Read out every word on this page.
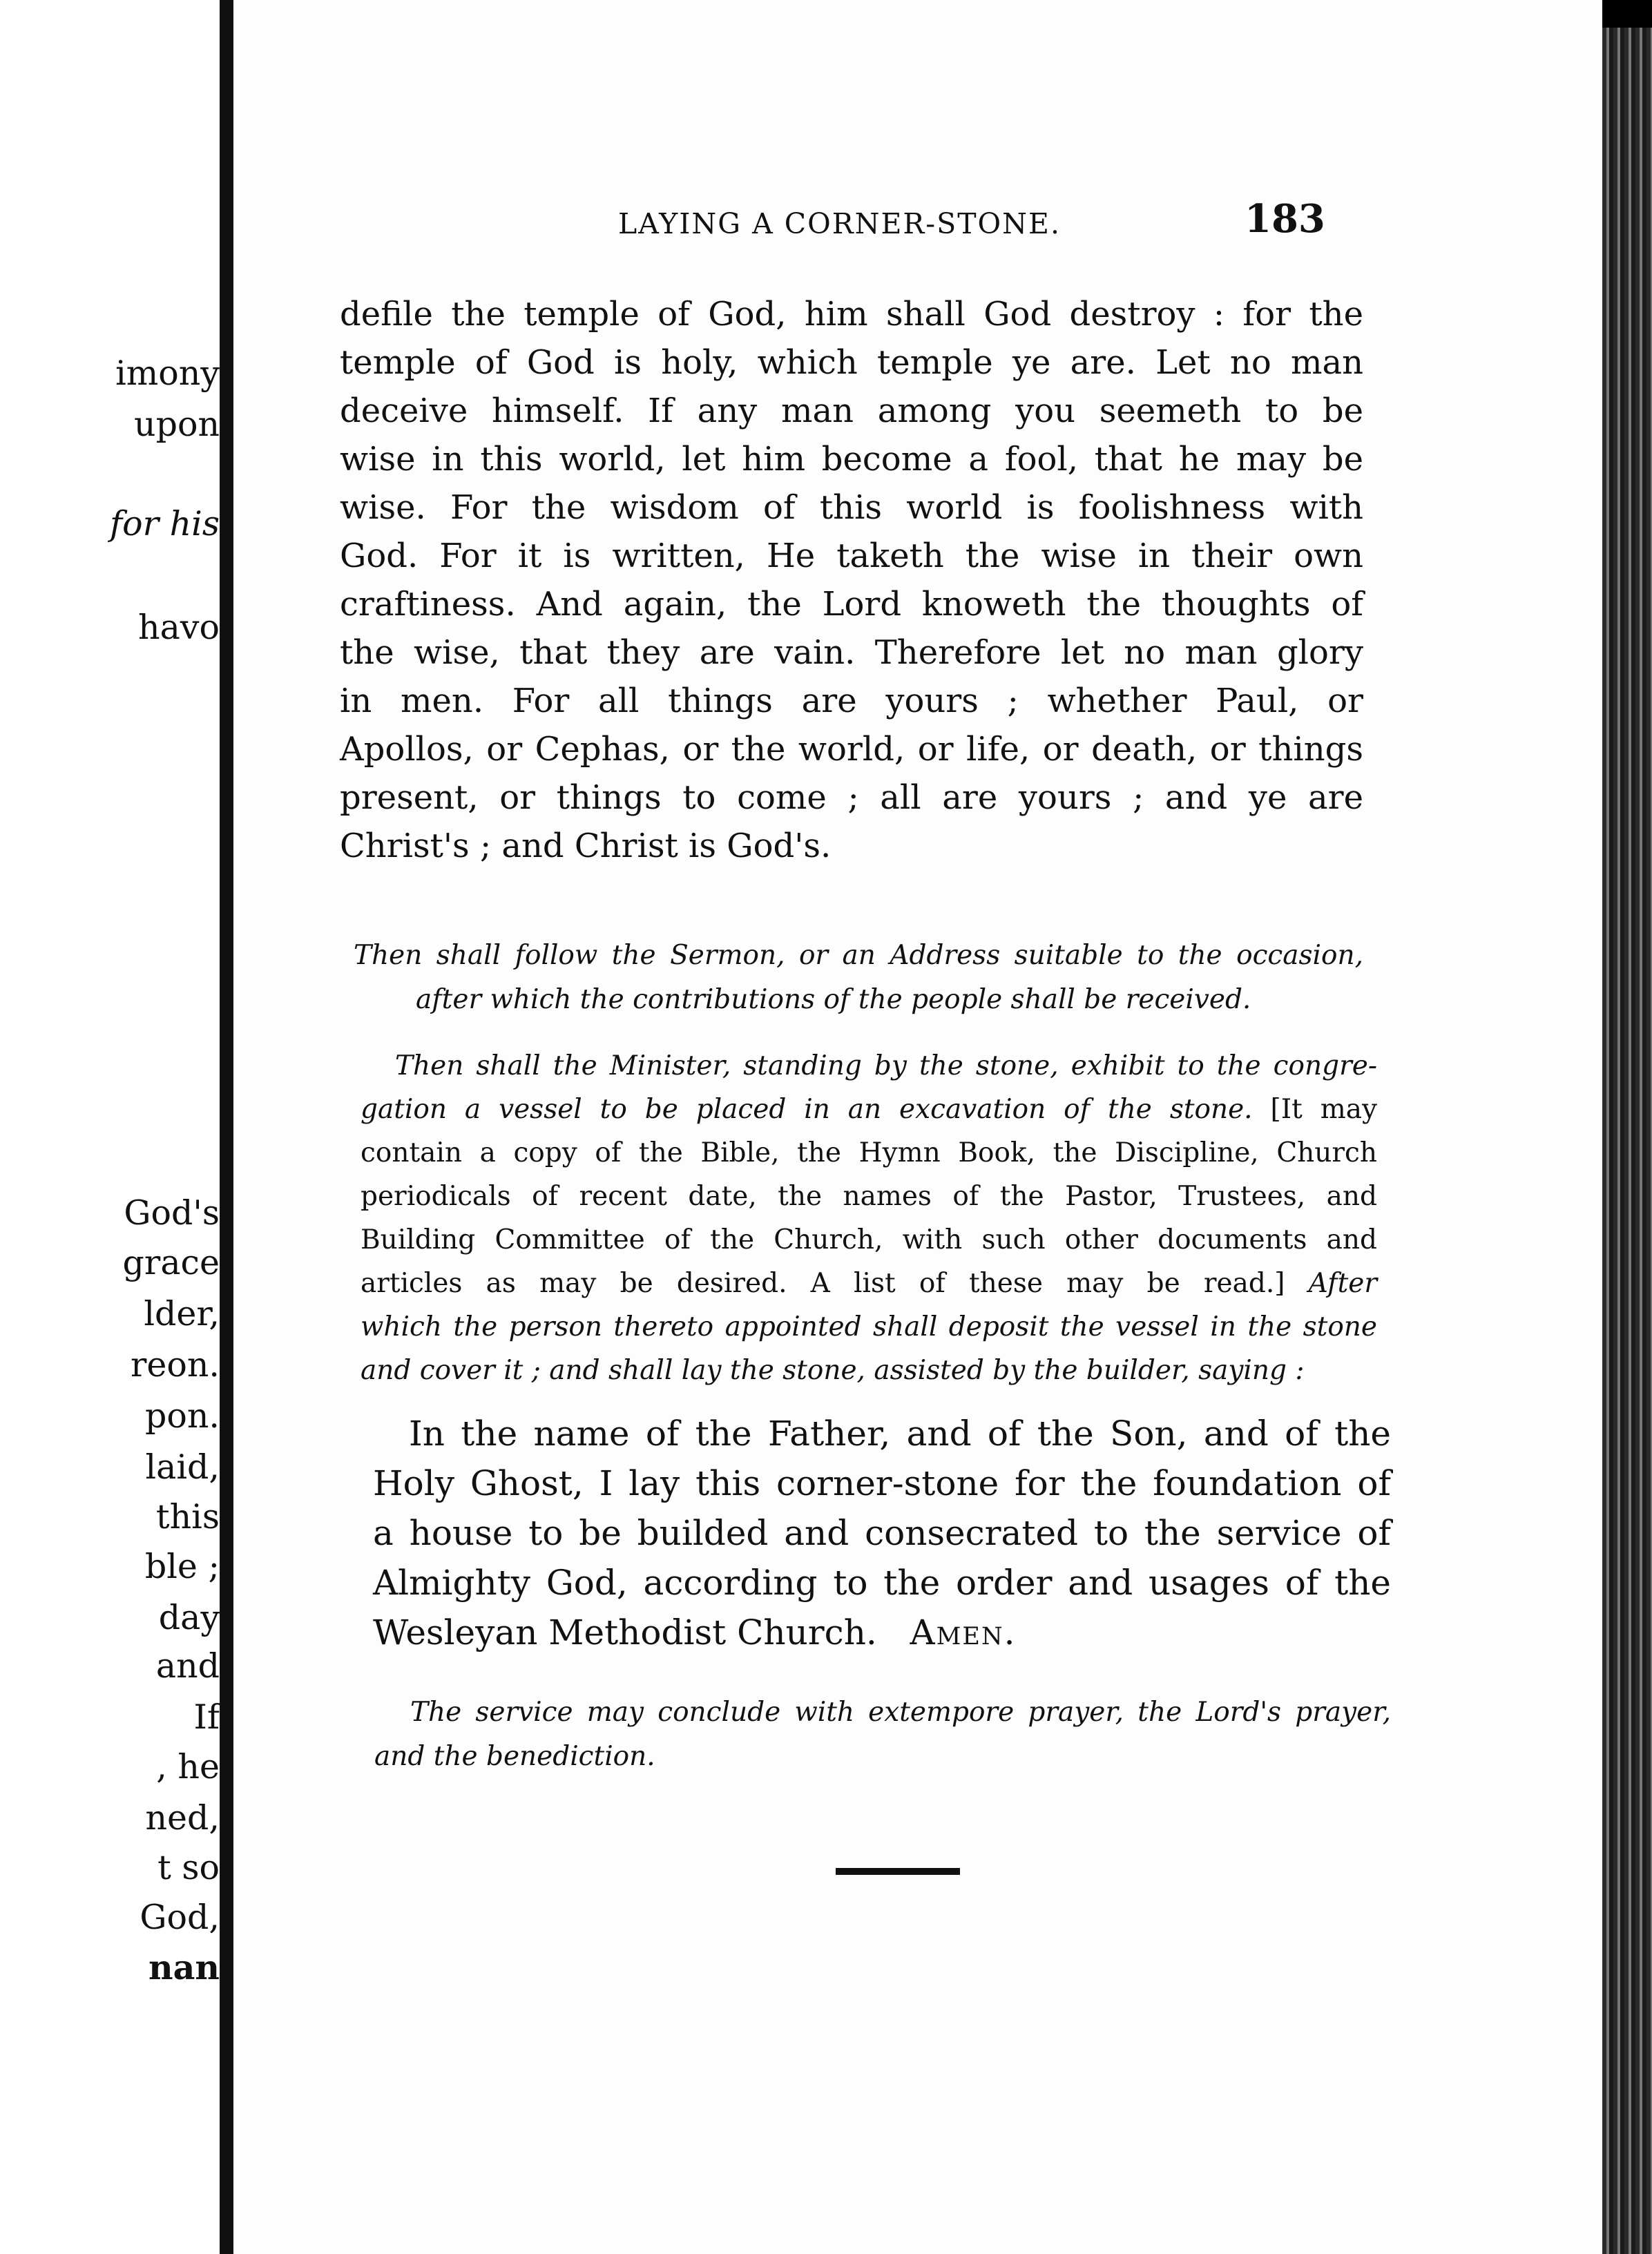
imony
upon
for his
havo
God's
grace
lder,
reon.
pon.
laid,
this
ble ;
day
and
If
, he
ned,
t so
God,
nan
LAYING A CORNER-STONE.	183
defile the temple of God, him shall God destroy : for the
temple of God is holy, which temple ye are. Let no man
deceive himself. If any man among you seemeth to be
wise in this world, let him become a fool, that he may be
wise. For the wisdom of this world is foolishness with
God. For it is written, He taketh the wise in their own
craftiness. And again, the Lord knoweth the thoughts of
the wise, that they are vain. Therefore let no man glory
in men. For all things are yours ; whether Paul, or
Apollos, or Cephas, or the world, or life, or death, or things
present, or things to come ; all are yours ; and ye are
Christ's ; and Christ is God's.
Then shall follow the Sermon, or an Address suitable to the occasion,
after which the contributions of the people shall be received.
Then shall the Minister, standing by the stone, exhibit to the congre-
gation a vessel to be placed in an excavation of the stone. [It may
contain a copy of the Bible, the Hymn Book, the Discipline, Church
periodicals of recent date, the names of the Pastor, Trustees, and
Building Committee of the Church, with such other documents and
articles as may be desired. A list of these may be read.] After
which the person thereto appointed shall deposit the vessel in the stone
and cover it ; and shall lay the stone, assisted by the builder, saying :
In the name of the Father, and of the Son, and of the
Holy Ghost, I lay this corner-stone for the foundation of
a house to be builded and consecrated to the service of
Almighty God, according to the order and usages of the
Wesleyan Methodist Church. Amen.
The service may conclude with extempore prayer, the Lord's prayer,
and the benediction.
